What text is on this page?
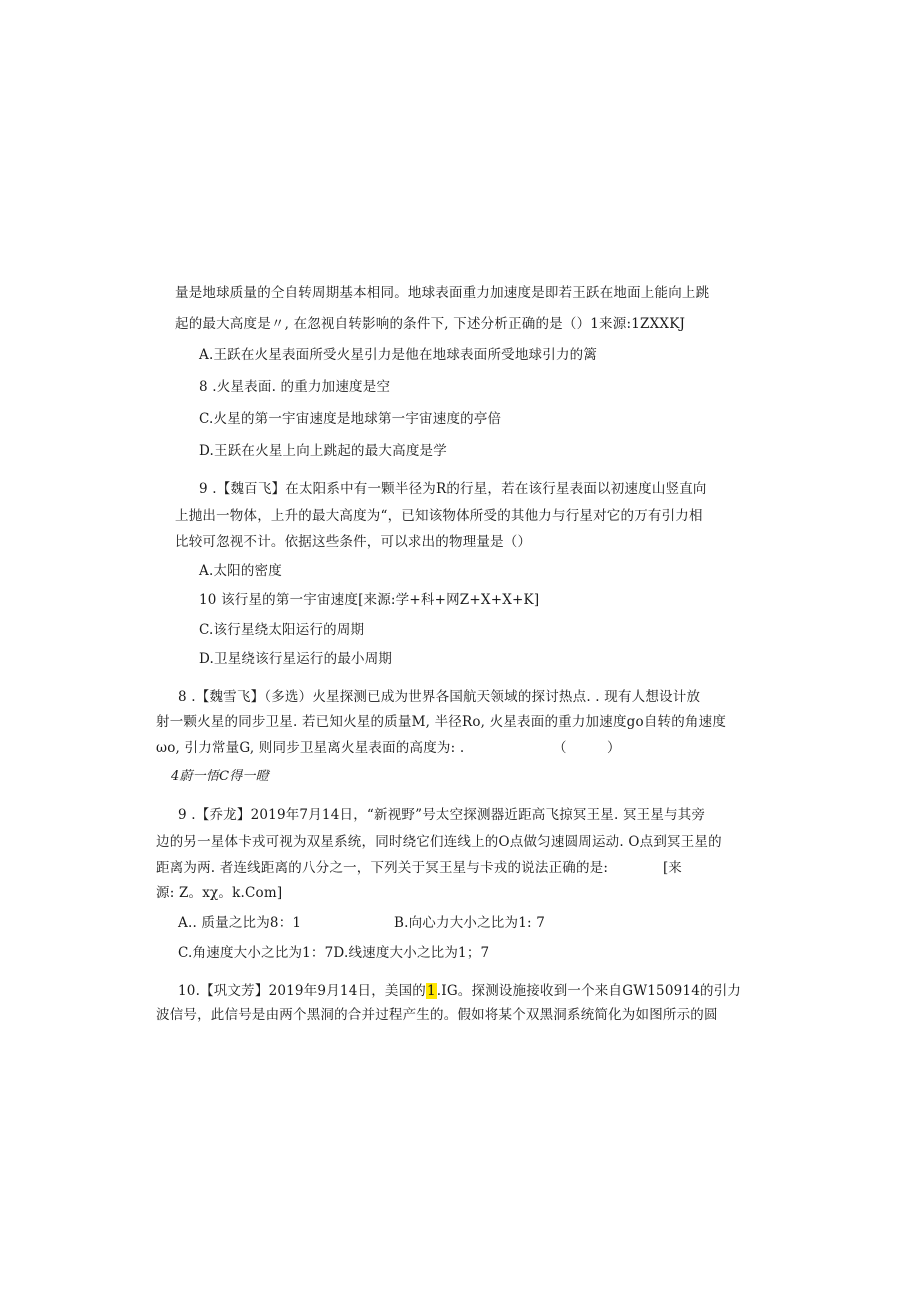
量是地球质量的仝自转周期基本相同。地球表面重力加速度是即若王跃在地面上能向上跳
起的最大高度是〃, 在忽视自转影响的条件下, 下述分析正确的是（）1来源:1ZXXKJ
A.王跃在火星表面所受火星引力是他在地球表面所受地球引力的篱
8 .火星表面. 的重力加速度是空
C.火星的第一宇宙速度是地球第一宇宙速度的亭倍
D.王跃在火星上向上跳起的最大高度是学
9 .【魏百飞】在太阳系中有一颗半径为R的行星，若在该行星表面以初速度山竖直向
上抛出一物体，上升的最大高度为“，已知该物体所受的其他力与行星对它的万有引力相
比较可忽视不计。依据这些条件，可以求出的物理量是（）
A.太阳的密度
10 该行星的第一宇宙速度[来源:学+科+网Z+X+X+K]
C.该行星绕太阳运行的周期
D.卫星绕该行星运行的最小周期
8 .【魏雪飞】（多选）火星探测已成为世界各国航天领域的探讨热点. . 现有人想设计放
射一颗火星的同步卫星. 若已知火星的质量M, 半径Ro, 火星表面的重力加速度go自转的角速度
ωo, 引力常量G, 则同步卫星离火星表面的高度为: .	（　　　）
4蔚一悟C得一瞪
9 .【乔龙】2019年7月14日，“新视野”号太空探测器近距高飞掠冥王星. 冥王星与其旁
边的另一星体卡戎可视为双星系统，同时绕它们连线上的O点做匀速圆周运动. O点到冥王星的
距离为两. 者连线距离的八分之一，下列关于冥王星与卡戎的说法正确的是:	[来
源: Z。xχ。k.Com]
A.. 质量之比为8：1	B.向心力大小之比为1: 7
C.角速度大小之比为1：7D.线速度大小之比为1；7
10.【巩文芳】2019年9月14日，美国的1.IG。探测设施接收到一个来自GW150914的引力
波信号，此信号是由两个黑洞的合并过程产生的。假如将某个双黑洞系统简化为如图所示的圆
